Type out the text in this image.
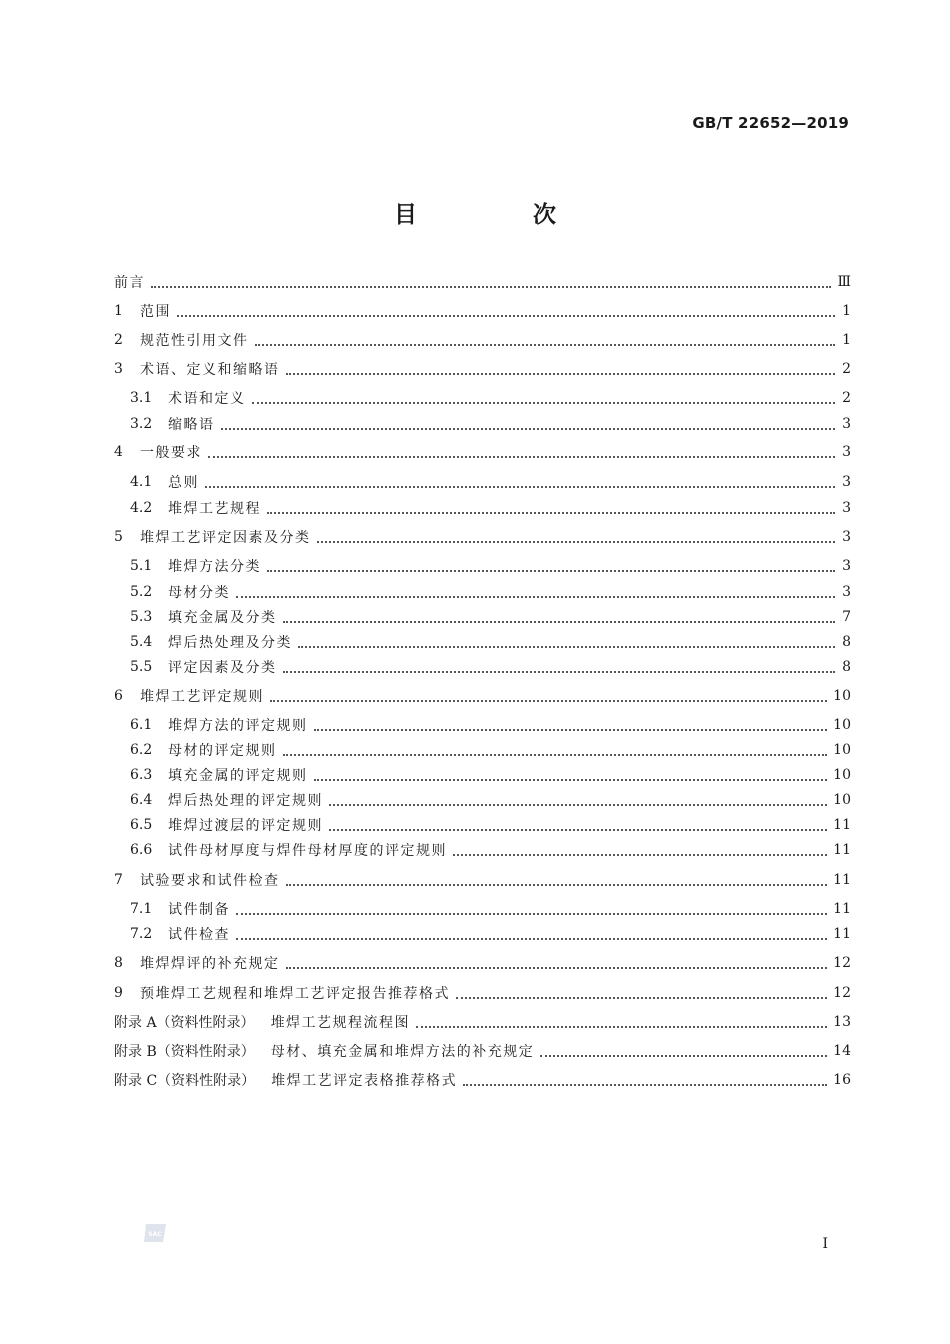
GB/T 22652—2019
目 次
前言	Ⅲ
1	范围	1
2	规范性引用文件	1
3	术语、定义和缩略语	2
3.1	术语和定义	2
3.2	缩略语	3
4	一般要求	3
4.1	总则	3
4.2	堆焊工艺规程	3
5	堆焊工艺评定因素及分类	3
5.1	堆焊方法分类	3
5.2	母材分类	3
5.3	填充金属及分类	7
5.4	焊后热处理及分类	8
5.5	评定因素及分类	8
6	堆焊工艺评定规则	10
6.1	堆焊方法的评定规则	10
6.2	母材的评定规则	10
6.3	填充金属的评定规则	10
6.4	焊后热处理的评定规则	10
6.5	堆焊过渡层的评定规则	11
6.6	试件母材厚度与焊件母材厚度的评定规则	11
7	试验要求和试件检查	11
7.1	试件制备	11
7.2	试件检查	11
8	堆焊焊评的补充规定	12
9	预堆焊工艺规程和堆焊工艺评定报告推荐格式	12
附录 A（资料性附录） 堆焊工艺规程流程图	13
附录 B（资料性附录） 母材、填充金属和堆焊方法的补充规定	14
附录 C（资料性附录） 堆焊工艺评定表格推荐格式	16
SAC
Ⅰ
